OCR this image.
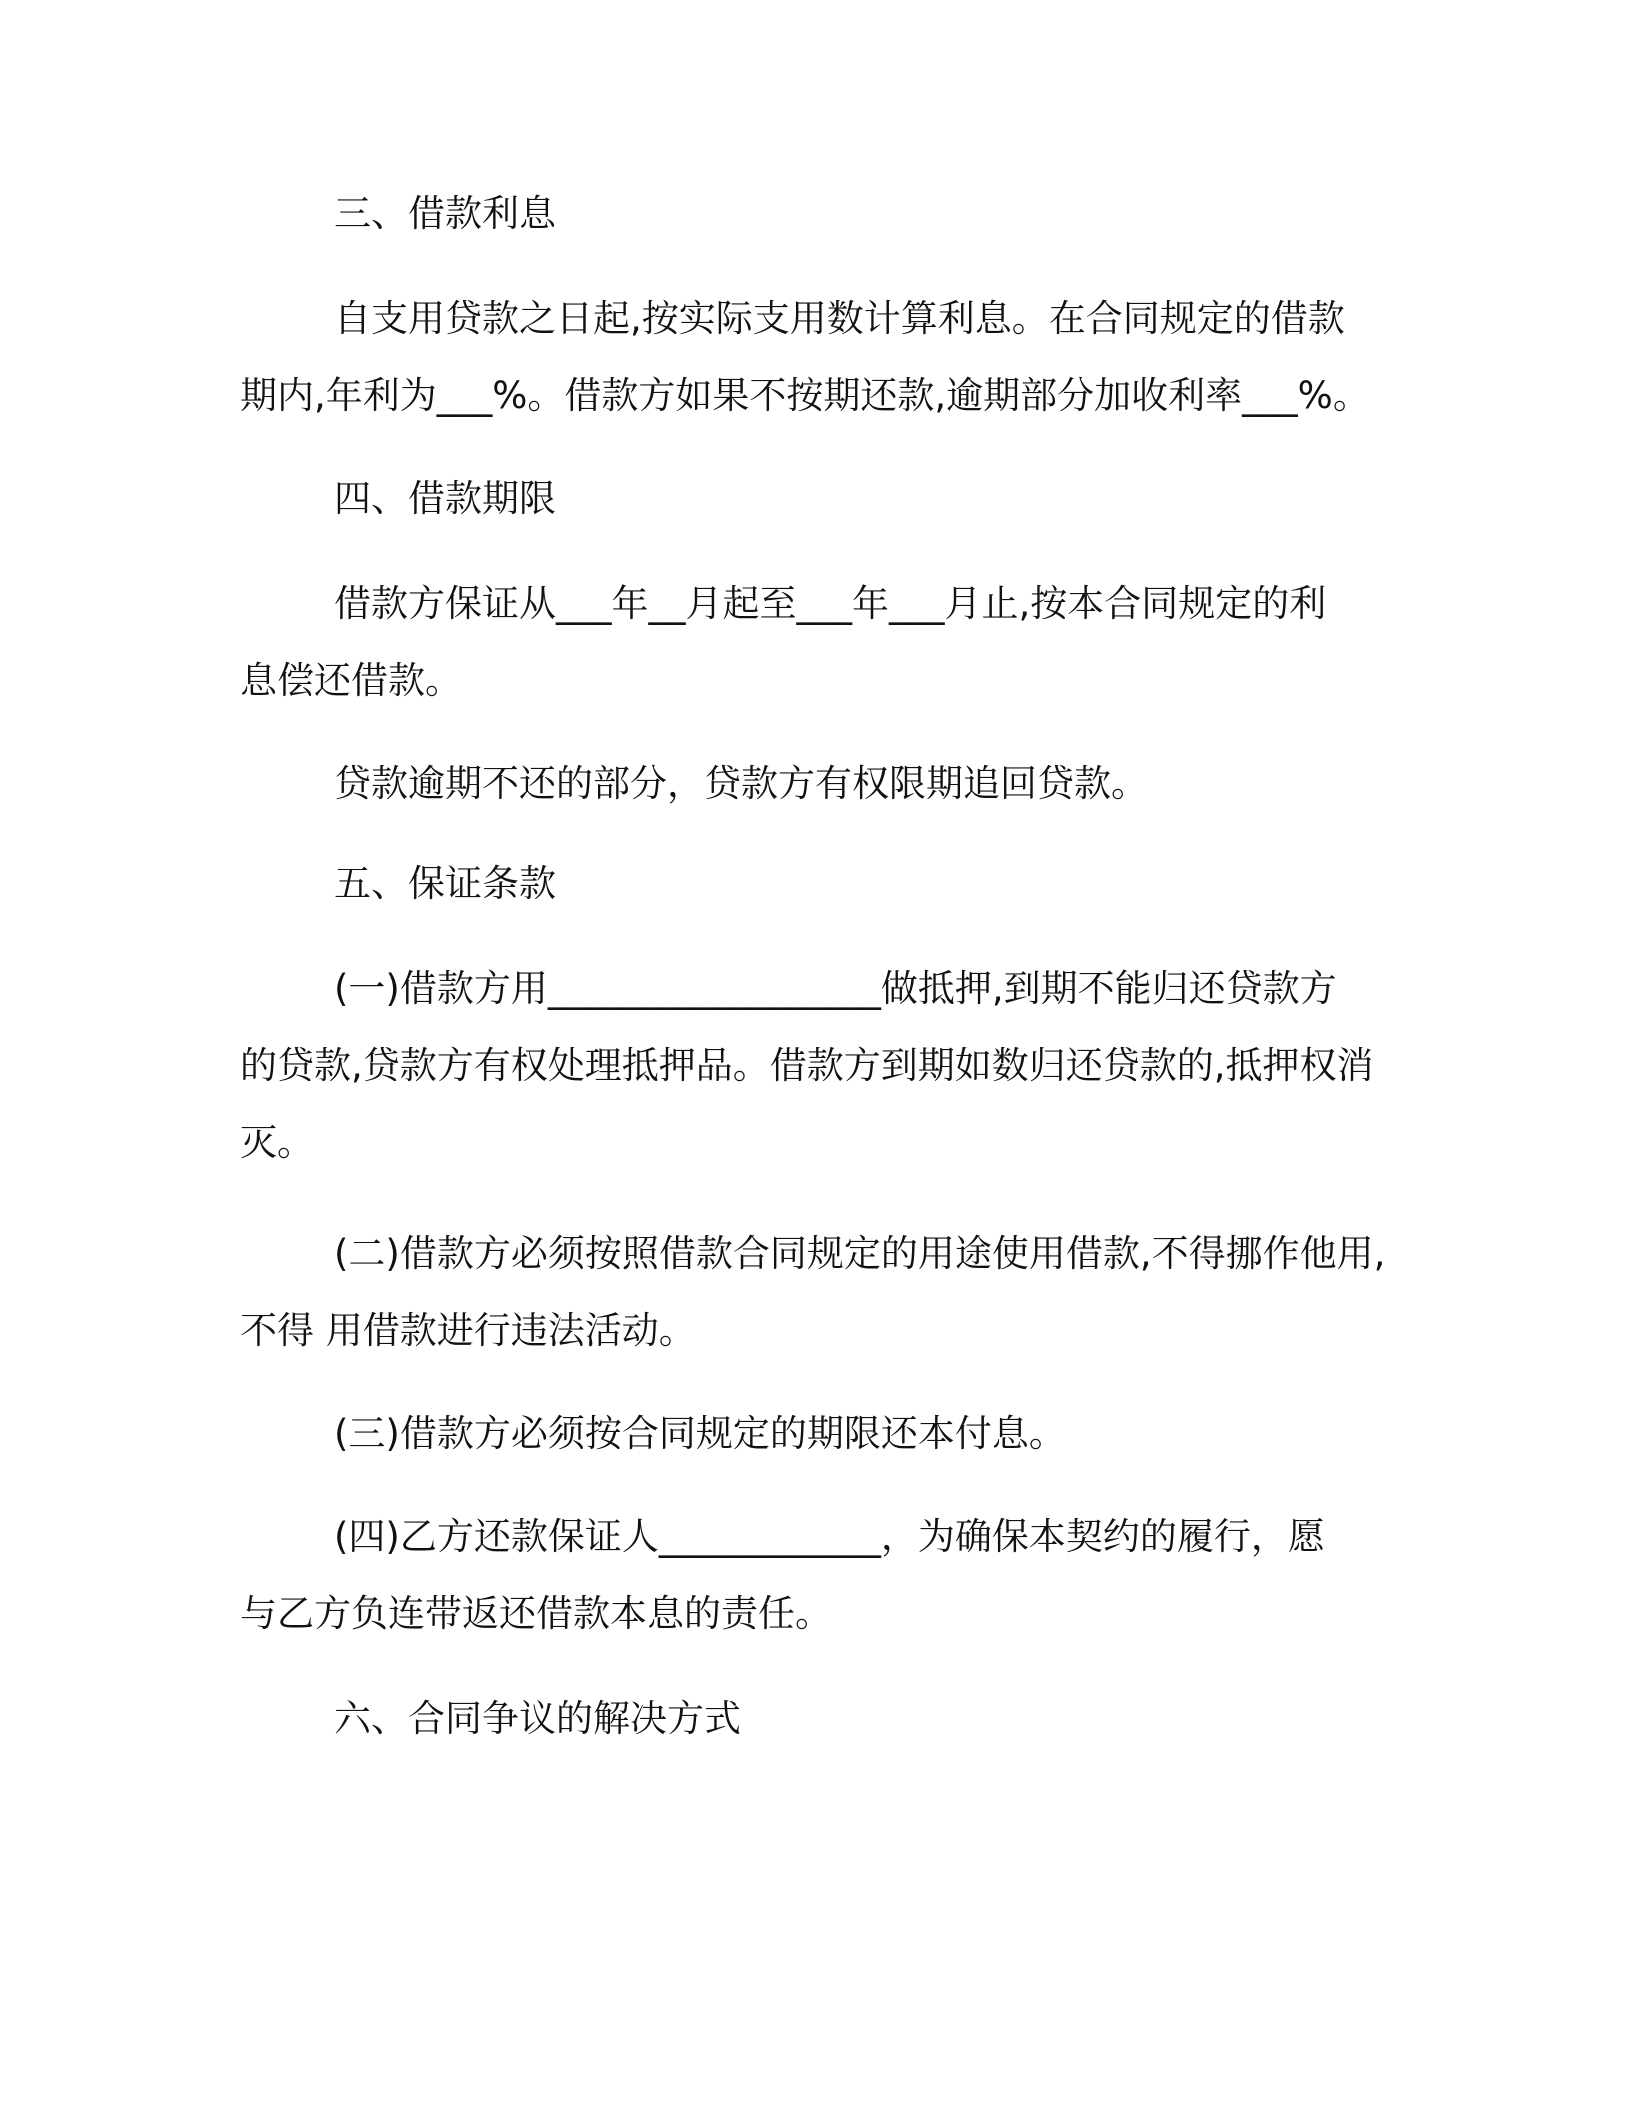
三、借款利息

自支用贷款之日起,按实际支用数计算利息。在合同规定的借款
期内,年利为___%。借款方如果不按期还款,逾期部分加收利率___%。

四、借款期限

借款方保证从___年__月起至___年___月止,按本合同规定的利
息偿还借款。

贷款逾期不还的部分，贷款方有权限期追回贷款。

五、保证条款

(一)借款方用__________________做抵押,到期不能归还贷款方
的贷款,贷款方有权处理抵押品。借款方到期如数归还贷款的,抵押权消
灭。

(二)借款方必须按照借款合同规定的用途使用借款,不得挪作他用,
不得 用借款进行违法活动。

(三)借款方必须按合同规定的期限还本付息。

(四)乙方还款保证人____________，为确保本契约的履行，愿
与乙方负连带返还借款本息的责任。

六、合同争议的解决方式
